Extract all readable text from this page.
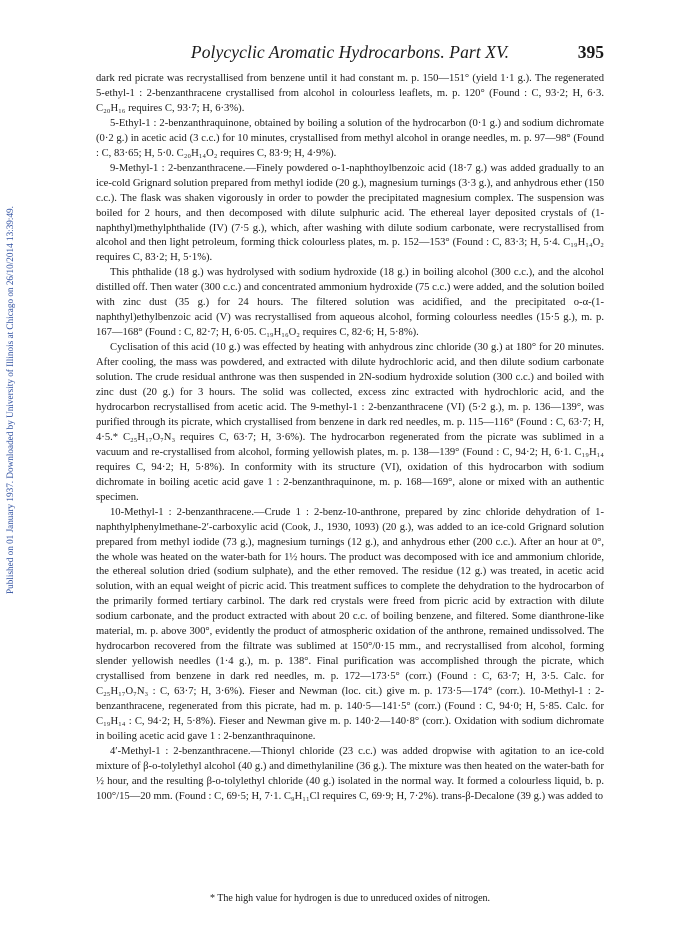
Published on 01 January 1937. Downloaded by University of Illinois at Chicago on 26/10/2014 13:39:49.
Polycyclic Aromatic Hydrocarbons. Part XV.	395

dark red picrate was recrystallised from benzene until it had constant m. p. 150—151° (yield 1·1 g.). The regenerated 5-ethyl-1 : 2-benzanthracene crystallised from alcohol in colourless leaflets, m. p. 120° (Found : C, 93·2; H, 6·3. C₂₀H₁₆ requires C, 93·7; H, 6·3%).

5-Ethyl-1 : 2-benzanthraquinone, obtained by boiling a solution of the hydrocarbon (0·1 g.) and sodium dichromate (0·2 g.) in acetic acid (3 c.c.) for 10 minutes, crystallised from methyl alcohol in orange needles, m. p. 97—98° (Found : C, 83·65; H, 5·0. C₂₀H₁₄O₂ requires C, 83·9; H, 4·9%).

9-Methyl-1 : 2-benzanthracene.—Finely powdered o-1-naphthoylbenzoic acid (18·7 g.) was added gradually to an ice-cold Grignard solution prepared from methyl iodide (20 g.), magnesium turnings (3·3 g.), and anhydrous ether (150 c.c.). The flask was shaken vigorously in order to powder the precipitated magnesium complex. The suspension was boiled for 2 hours, and then decomposed with dilute sulphuric acid. The ethereal layer deposited crystals of (1-naphthyl)methylphthalide (IV) (7·5 g.), which, after washing with dilute sodium carbonate, were recrystallised from alcohol and then light petroleum, forming thick colourless plates, m. p. 152—153° (Found : C, 83·3; H, 5·4. C₁₉H₁₄O₂ requires C, 83·2; H, 5·1%).

This phthalide (18 g.) was hydrolysed with sodium hydroxide (18 g.) in boiling alcohol (300 c.c.), and the alcohol distilled off. Then water (300 c.c.) and concentrated ammonium hydroxide (75 c.c.) were added, and the solution boiled with zinc dust (35 g.) for 24 hours. The filtered solution was acidified, and the precipitated o-α-(1-naphthyl)ethylbenzoic acid (V) was recrystallised from aqueous alcohol, forming colourless needles (15·5 g.), m. p. 167—168° (Found : C, 82·7; H, 6·05. C₁₉H₁₆O₂ requires C, 82·6; H, 5·8%).

Cyclisation of this acid (10 g.) was effected by heating with anhydrous zinc chloride (30 g.) at 180° for 20 minutes. After cooling, the mass was powdered, and extracted with dilute hydrochloric acid, and then dilute sodium carbonate solution. The crude residual anthrone was then suspended in 2N-sodium hydroxide solution (300 c.c.) and boiled with zinc dust (20 g.) for 3 hours. The solid was collected, excess zinc extracted with hydrochloric acid, and the hydrocarbon recrystallised from acetic acid. The 9-methyl-1 : 2-benzanthracene (VI) (5·2 g.), m. p. 136—139°, was purified through its picrate, which crystallised from benzene in dark red needles, m. p. 115—116° (Found : C, 63·7; H, 4·5.* C₂₅H₁₇O₇N₃ requires C, 63·7; H, 3·6%). The hydrocarbon regenerated from the picrate was sublimed in a vacuum and re-crystallised from alcohol, forming yellowish plates, m. p. 138—139° (Found : C, 94·2; H, 6·1. C₁₉H₁₄ requires C, 94·2; H, 5·8%). In conformity with its structure (VI), oxidation of this hydrocarbon with sodium dichromate in boiling acetic acid gave 1 : 2-benzanthraquinone, m. p. 168—169°, alone or mixed with an authentic specimen.

10-Methyl-1 : 2-benzanthracene.—Crude 1 : 2-benz-10-anthrone, prepared by zinc chloride dehydration of 1-naphthylphenylmethane-2′-carboxylic acid (Cook, J., 1930, 1093) (20 g.), was added to an ice-cold Grignard solution prepared from methyl iodide (73 g.), magnesium turnings (12 g.), and anhydrous ether (200 c.c.). After an hour at 0°, the whole was heated on the water-bath for 1½ hours. The product was decomposed with ice and ammonium chloride, the ethereal solution dried (sodium sulphate), and the ether removed. The residue (12 g.) was treated, in acetic acid solution, with an equal weight of picric acid. This treatment suffices to complete the dehydration to the hydrocarbon of the primarily formed tertiary carbinol. The dark red crystals were freed from picric acid by extraction with dilute sodium carbonate, and the product extracted with about 20 c.c. of boiling benzene, and filtered. Some dianthrone-like material, m. p. above 300°, evidently the product of atmospheric oxidation of the anthrone, remained undissolved. The hydrocarbon recovered from the filtrate was sublimed at 150°/0·15 mm., and recrystallised from alcohol, forming slender yellowish needles (1·4 g.), m. p. 138°. Final purification was accomplished through the picrate, which crystallised from benzene in dark red needles, m. p. 172—173·5° (corr.) (Found : C, 63·7; H, 3·5. Calc. for C₂₅H₁₇O₇N₃ : C, 63·7; H, 3·6%). Fieser and Newman (loc. cit.) give m. p. 173·5—174° (corr.). 10-Methyl-1 : 2-benzanthracene, regenerated from this picrate, had m. p. 140·5—141·5° (corr.) (Found : C, 94·0; H, 5·85. Calc. for C₁₉H₁₄ : C, 94·2; H, 5·8%). Fieser and Newman give m. p. 140·2—140·8° (corr.). Oxidation with sodium dichromate in boiling acetic acid gave 1 : 2-benzanthraquinone.

4′-Methyl-1 : 2-benzanthracene.—Thionyl chloride (23 c.c.) was added dropwise with agitation to an ice-cold mixture of β-o-tolylethyl alcohol (40 g.) and dimethylaniline (36 g.). The mixture was then heated on the water-bath for ½ hour, and the resulting β-o-tolylethyl chloride (40 g.) isolated in the normal way. It formed a colourless liquid, b. p. 100°/15—20 mm. (Found : C, 69·5; H, 7·1. C₉H₁₁Cl requires C, 69·9; H, 7·2%). trans-β-Decalone (39 g.) was added to

* The high value for hydrogen is due to unreduced oxides of nitrogen.
